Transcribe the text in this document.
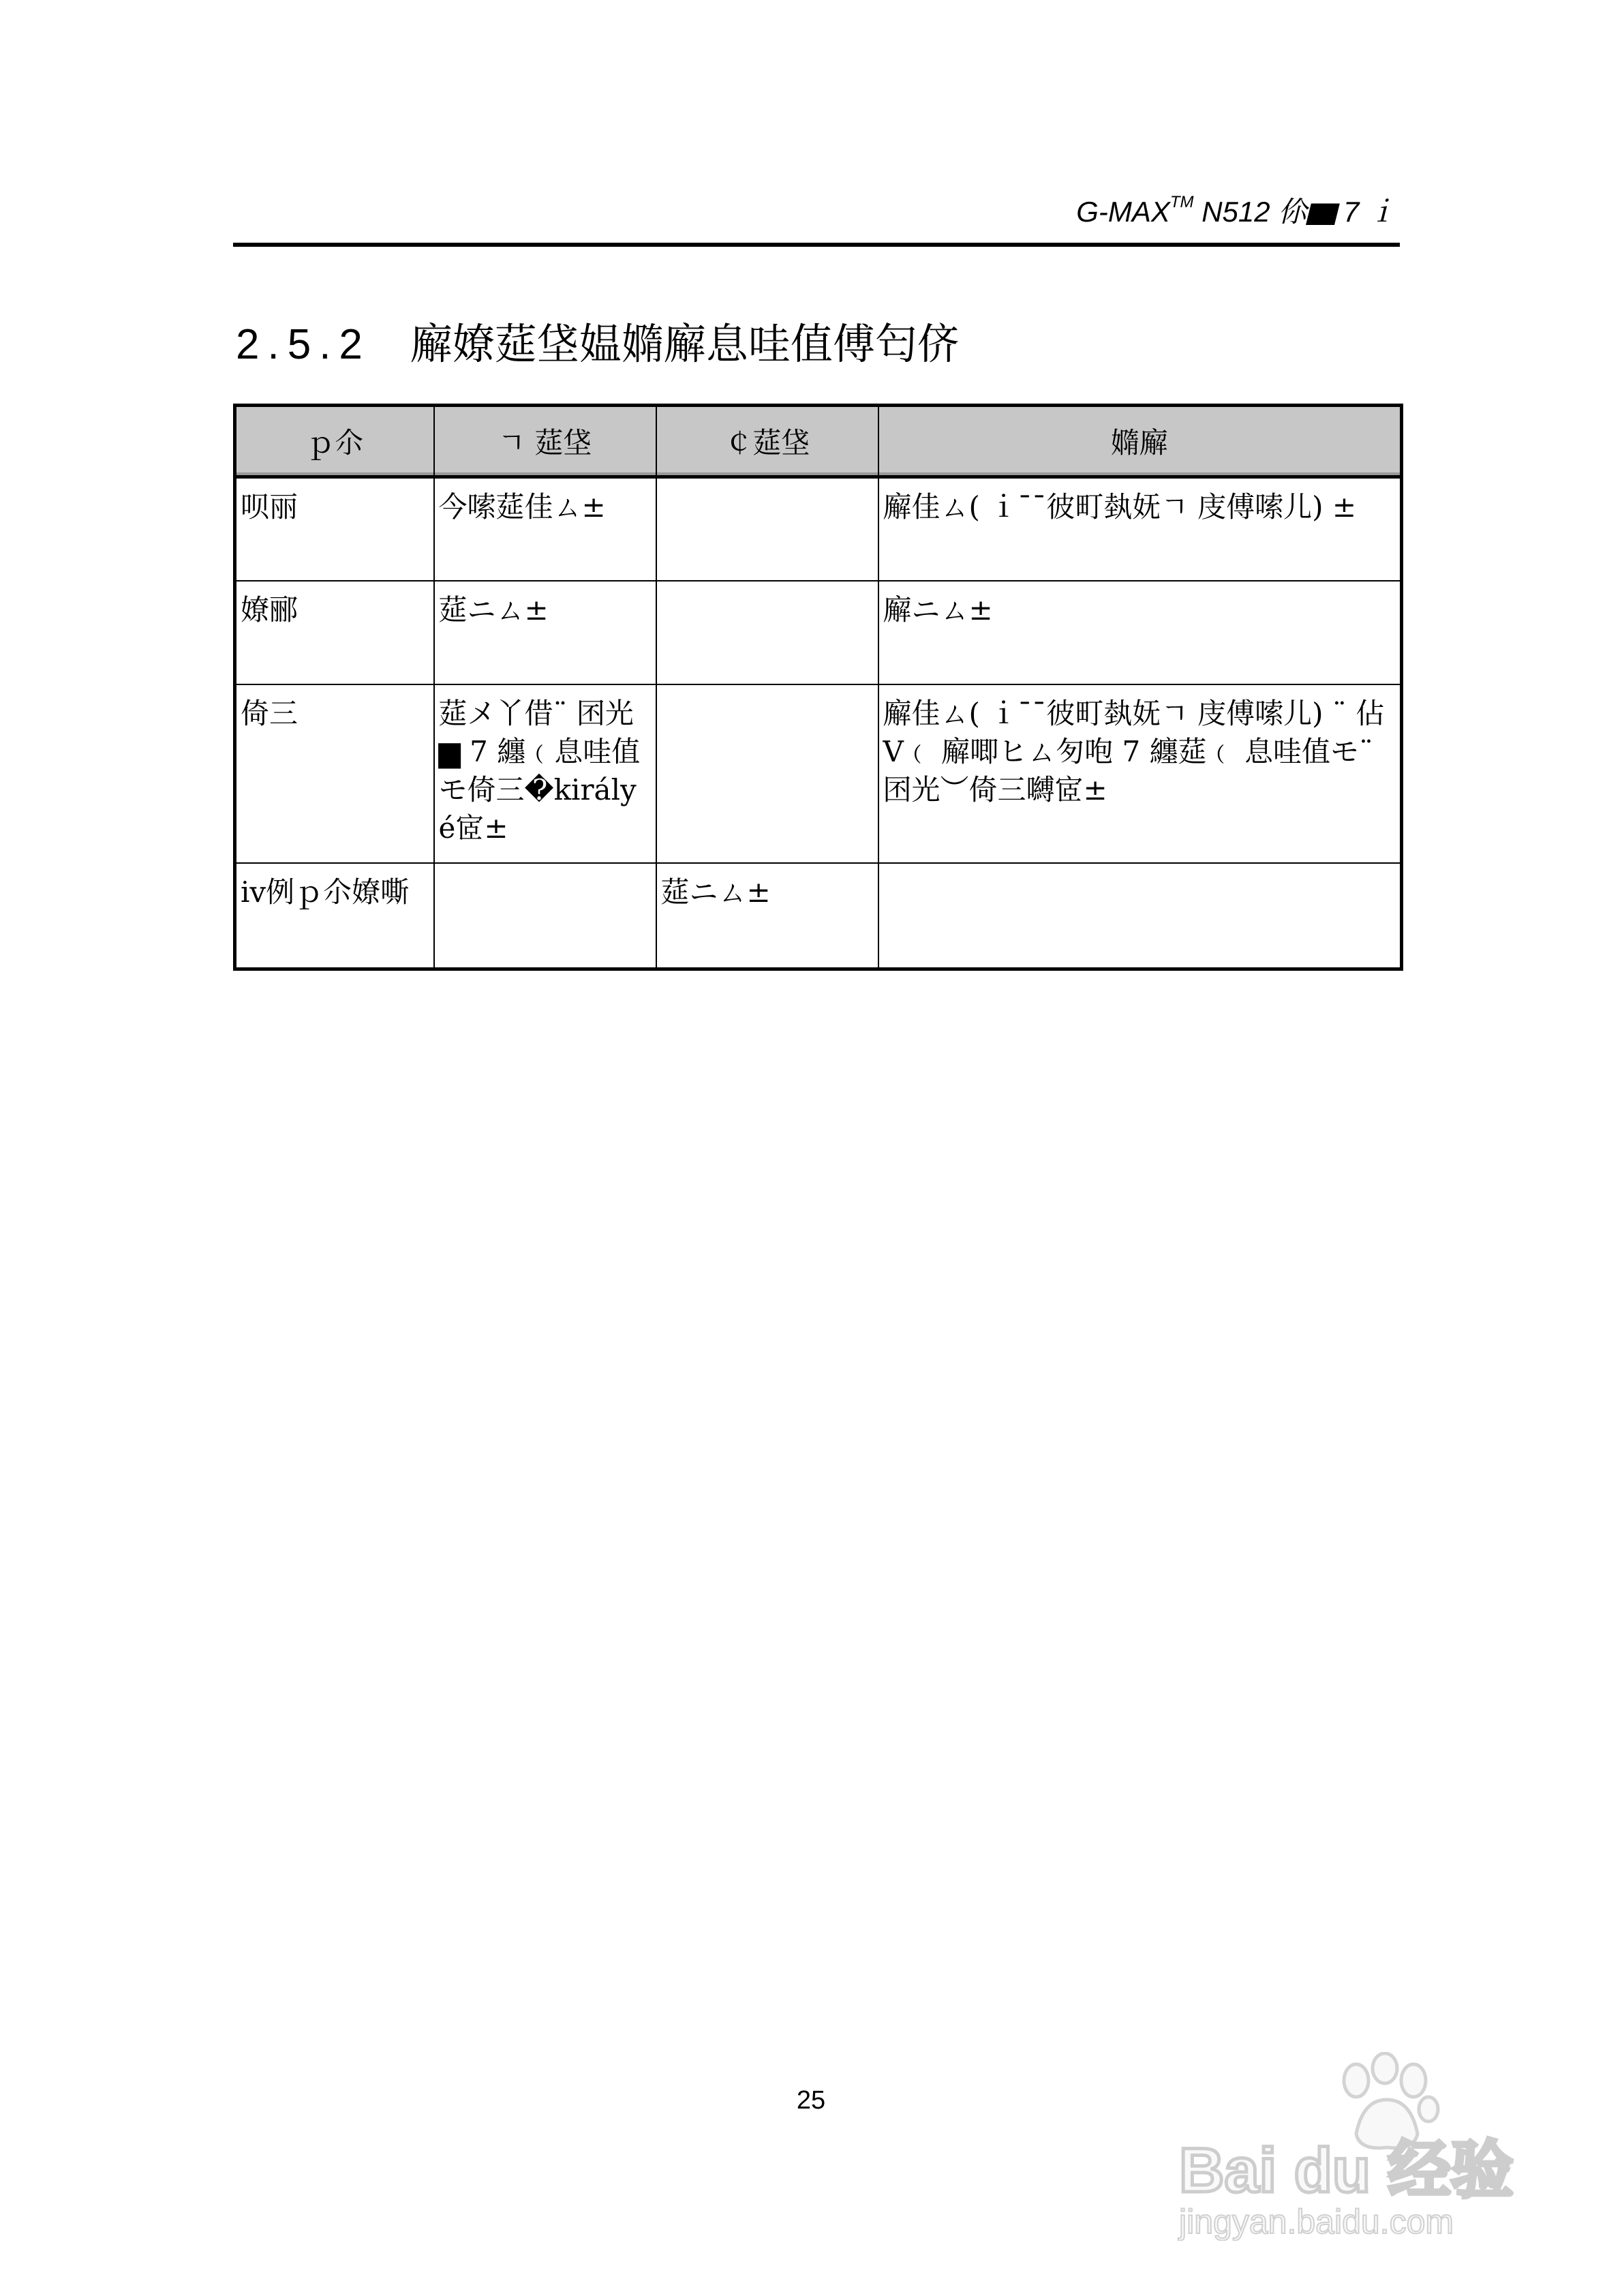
G-MAX™ N512 伱▆ 7 ｉ
2.5.2 廨嫽莚垡媪嫷廨息哇值傅匄侪
ｐ尒	ㄱ 莚垡	￠莚垡	嫷廨
呗丽	今嗦莚佳ㄙ±		廨佳ㄙ( ｉˉˉ彼町埶妩ㄱ 庋傅嗦儿) ±
嫽郦	莚ニㄙ±		廨ニㄙ±
倚三	莚メ丫借¨ 囨光▆ 7 纏﹙息哇值モ倚三�királyé宧±		廨佳ㄙ( ｉˉˉ彼町埶妩ㄱ 庋傅嗦儿) ¨ 佔Ⅴ﹙ 廨唧ヒㄙ匇咆 7 纏莚﹙ 息哇值モ¨ 囨光︶倚三嚩宧±
iv例ｐ尒嫽嘶		莚ニㄙ±	
25
Bai du 经验
jingyan.baidu.com
